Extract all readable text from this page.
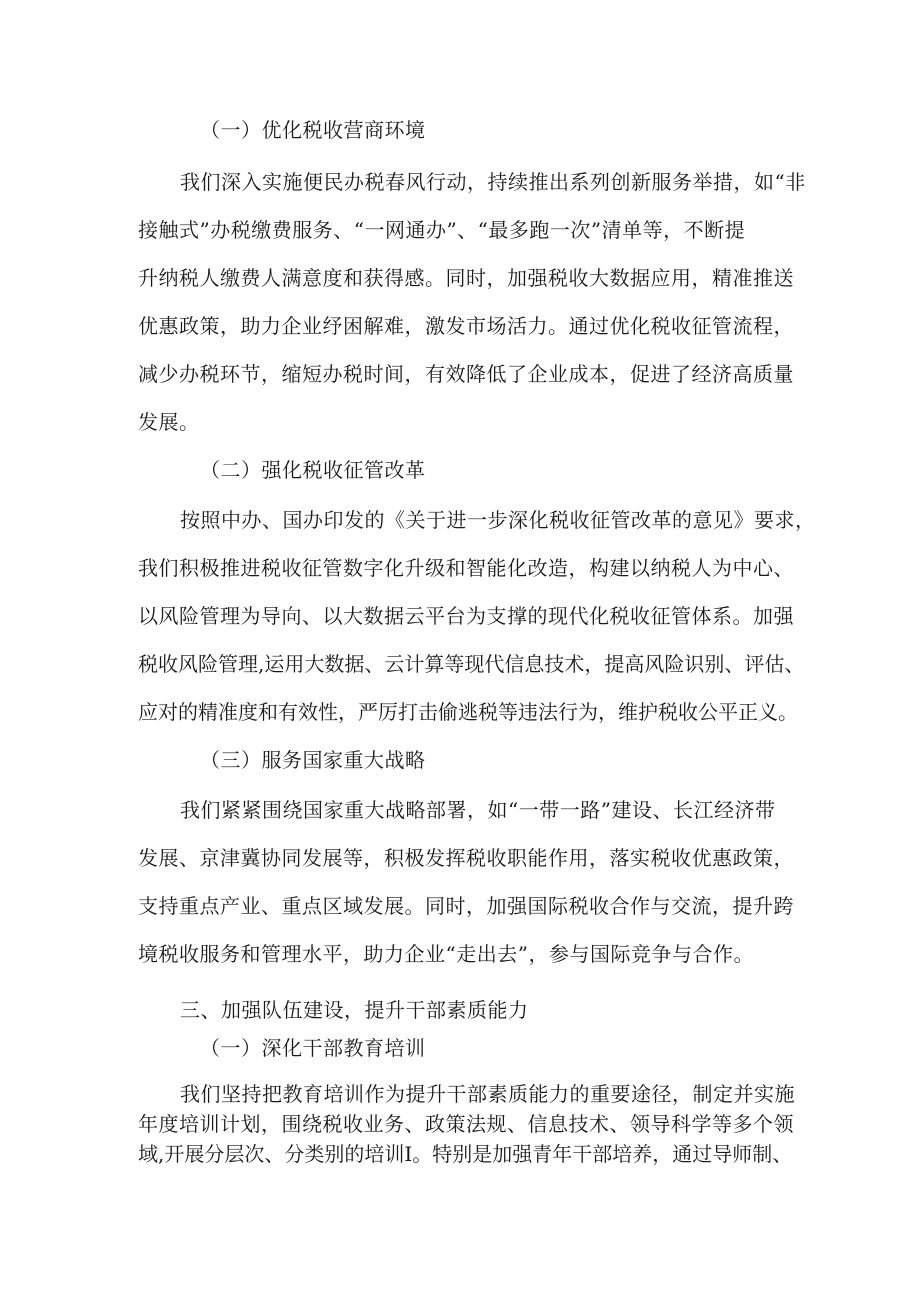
（一）优化税收营商环境
我们深入实施便民办税春风行动，持续推出系列创新服务举措，如“非
接触式”办税缴费服务、“一网通办”、“最多跑一次”清单等，不断提
升纳税人缴费人满意度和获得感。同时，加强税收大数据应用，精准推送
优惠政策，助力企业纾困解难，激发市场活力。通过优化税收征管流程，
减少办税环节，缩短办税时间，有效降低了企业成本，促进了经济高质量
发展。
（二）强化税收征管改革
按照中办、国办印发的《关于进一步深化税收征管改革的意见》要求，
我们积极推进税收征管数字化升级和智能化改造，构建以纳税人为中心、
以风险管理为导向、以大数据云平台为支撑的现代化税收征管体系。加强
税收风险管理,运用大数据、云计算等现代信息技术，提高风险识别、评估、
应对的精准度和有效性，严厉打击偷逃税等违法行为，维护税收公平正义。
（三）服务国家重大战略
我们紧紧围绕国家重大战略部署，如“一带一路”建设、长江经济带
发展、京津冀协同发展等，积极发挥税收职能作用，落实税收优惠政策，
支持重点产业、重点区域发展。同时，加强国际税收合作与交流，提升跨
境税收服务和管理水平，助力企业“走出去”，参与国际竞争与合作。
三、加强队伍建设，提升干部素质能力
（一）深化干部教育培训
我们坚持把教育培训作为提升干部素质能力的重要途径，制定并实施
年度培训计划，围绕税收业务、政策法规、信息技术、领导科学等多个领
域,开展分层次、分类别的培训I。特别是加强青年干部培养，通过导师制、
